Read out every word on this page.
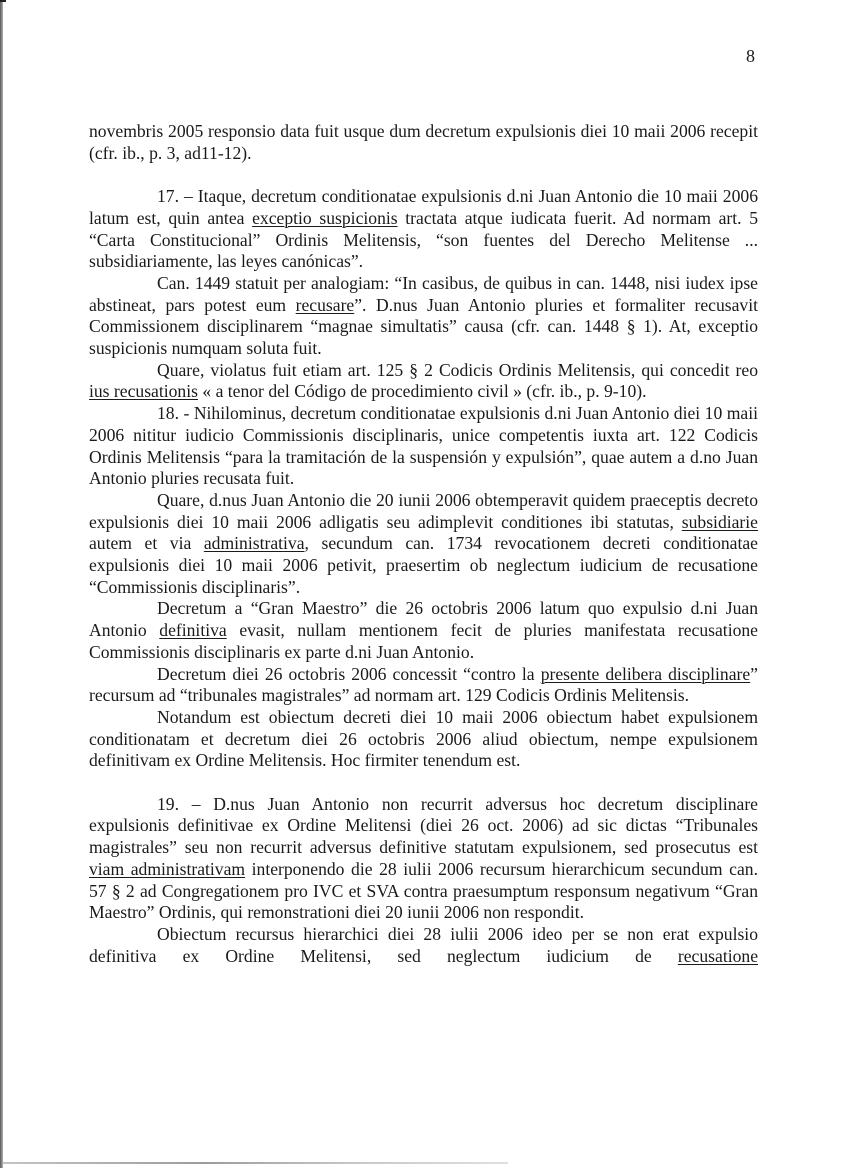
8

novembris 2005 responsio data fuit usque dum decretum expulsionis diei 10 maii 2006 recepit (cfr. ib., p. 3, ad11-12).

17. – Itaque, decretum conditionatae expulsionis d.ni Juan Antonio die 10 maii 2006 latum est, quin antea exceptio suspicionis tractata atque iudicata fuerit. Ad normam art. 5 “Carta Constitucional” Ordinis Melitensis, “son fuentes del Derecho Melitense ... subsidiariamente, las leyes canónicas”.

Can. 1449 statuit per analogiam: “In casibus, de quibus in can. 1448, nisi iudex ipse abstineat, pars potest eum recusare”. D.nus Juan Antonio pluries et formaliter recusavit Commissionem disciplinarem “magnae simultatis” causa (cfr. can. 1448 § 1). At, exceptio suspicionis numquam soluta fuit.

Quare, violatus fuit etiam art. 125 § 2 Codicis Ordinis Melitensis, qui concedit reo ius recusationis « a tenor del Código de procedimiento civil » (cfr. ib., p. 9-10).

18. - Nihilominus, decretum conditionatae expulsionis d.ni Juan Antonio diei 10 maii 2006 nititur iudicio Commissionis disciplinaris, unice competentis iuxta art. 122 Codicis Ordinis Melitensis “para la tramitación de la suspensión y expulsión”, quae autem a d.no Juan Antonio pluries recusata fuit.

Quare, d.nus Juan Antonio die 20 iunii 2006 obtemperavit quidem praeceptis decreto expulsionis diei 10 maii 2006 adligatis seu adimplevit conditiones ibi statutas, subsidiarie autem et via administrativa, secundum can. 1734 revocationem decreti conditionatae expulsionis diei 10 maii 2006 petivit, praesertim ob neglectum iudicium de recusatione “Commissionis disciplinaris”.

Decretum a “Gran Maestro” die 26 octobris 2006 latum quo expulsio d.ni Juan Antonio definitiva evasit, nullam mentionem fecit de pluries manifestata recusatione Commissionis disciplinaris ex parte d.ni Juan Antonio.

Decretum diei 26 octobris 2006 concessit “contro la presente delibera disciplinare” recursum ad “tribunales magistrales” ad normam art. 129 Codicis Ordinis Melitensis.

Notandum est obiectum decreti diei 10 maii 2006 obiectum habet expulsionem conditionatam et decretum diei 26 octobris 2006 aliud obiectum, nempe expulsionem definitivam ex Ordine Melitensis. Hoc firmiter tenendum est.

19. – D.nus Juan Antonio non recurrit adversus hoc decretum disciplinare expulsionis definitivae ex Ordine Melitensi (diei 26 oct. 2006) ad sic dictas “Tribunales magistrales” seu non recurrit adversus definitive statutam expulsionem, sed prosecutus est viam administrativam interponendo die 28 iulii 2006 recursum hierarchicum secundum can. 57 § 2 ad Congregationem pro IVC et SVA contra praesumptum responsum negativum “Gran Maestro” Ordinis, qui remonstrationi diei 20 iunii 2006 non respondit.

Obiectum recursus hierarchici diei 28 iulii 2006 ideo per se non erat expulsio definitiva ex Ordine Melitensi, sed neglectum iudicium de recusatione
